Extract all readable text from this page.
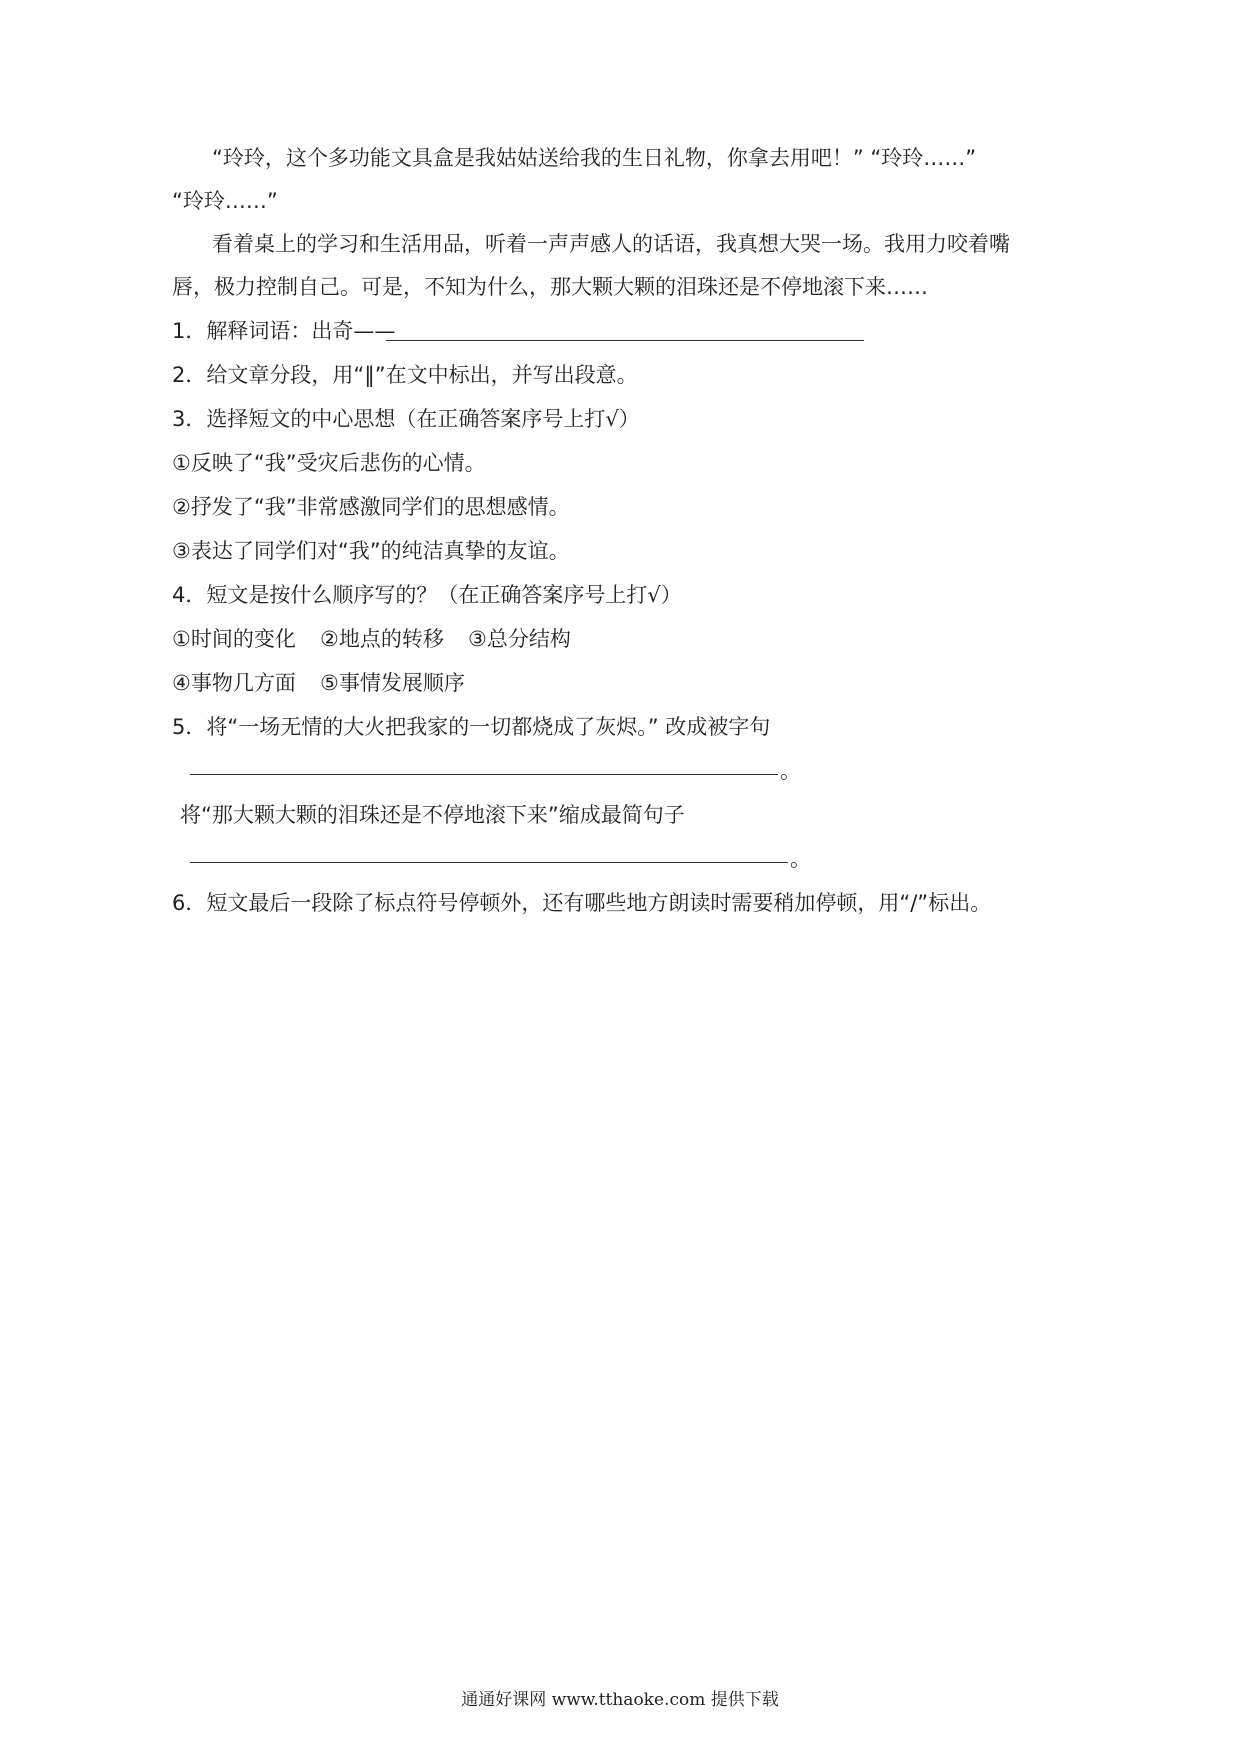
“玲玲，这个多功能文具盒是我姑姑送给我的生日礼物，你拿去用吧！” “玲玲……”
“玲玲……”
看着桌上的学习和生活用品，听着一声声感人的话语，我真想大哭一场。我用力咬着嘴
唇，极力控制自己。可是，不知为什么，那大颗大颗的泪珠还是不停地滚下来……
1．解释词语：出奇——
2．给文章分段，用“‖”在文中标出，并写出段意。
3．选择短文的中心思想（在正确答案序号上打√）
①反映了“我”受灾后悲伤的心情。
②抒发了“我”非常感激同学们的思想感情。
③表达了同学们对“我”的纯洁真挚的友谊。
4．短文是按什么顺序写的？（在正确答案序号上打√）
①时间的变化 ②地点的转移 ③总分结构
④事物几方面 ⑤事情发展顺序
5．将“一场无情的大火把我家的一切都烧成了灰烬。” 改成被字句
。
将“那大颗大颗的泪珠还是不停地滚下来”缩成最简句子
。
6．短文最后一段除了标点符号停顿外，还有哪些地方朗读时需要稍加停顿，用“/”标出。
通通好课网 www.tthaoke.com 提供下载
